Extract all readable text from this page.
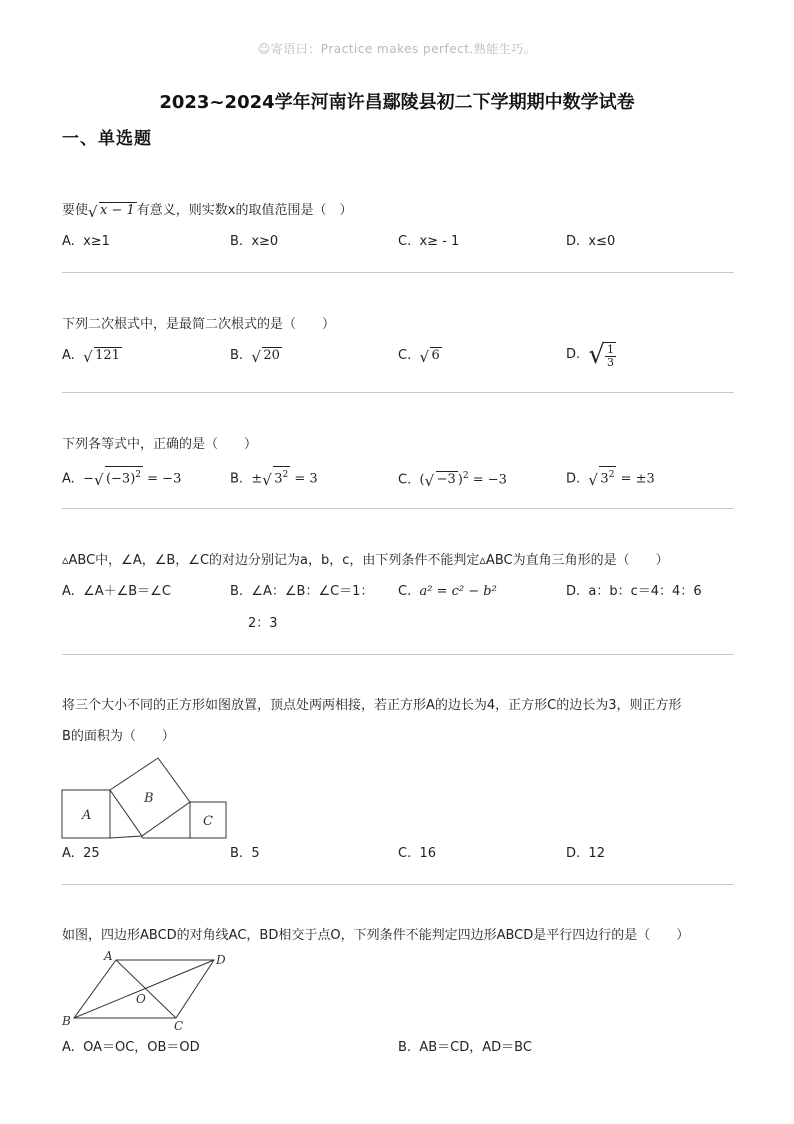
☺寄语曰：Practice makes perfect.熟能生巧。
2023~2024学年河南许昌鄢陵县初二下学期期中数学试卷
一、单选题
要使 √ x − 1 有意义，则实数x的取值范围是（　）
A. x≥1	B. x≥0	C. x≥ - 1	D. x≤0
下列二次根式中，是最简二次根式的是（　　）
A. √ 121	B. √ 20	C. √ 6	D. √ $\frac{1}{3}$
下列各等式中，正确的是（　　）
A. − √ $(-3)^2 = -3$	B. ± √ $3^2 = 3$	C. ( √ −3 )$^2$ = −3	D. √ $3^2 = \pm 3$
▵ABC中，∠A，∠B，∠C的对边分别记为a，b，c，由下列条件不能判定▵ABC为直角三角形的是（　　）
A. ∠A＋∠B＝∠C	B. ∠A：∠B：∠C＝1：
2：3
C. a² = c² − b²	D. a：b：c＝4：4：6
将三个大小不同的正方形如图放置，顶点处两两相接，若正方形A的边长为4，正方形C的边长为3，则正方形
B的面积为（　　）
A
B
C
A. 25	B. 5	C. 16	D. 12
如图，四边形ABCD的对角线AC，BD相交于点O，下列条件不能判定四边形ABCD是平行四边行的是（　　）
A	D
O
B	C
A. OA＝OC，OB＝OD	B. AB＝CD，AD＝BC
